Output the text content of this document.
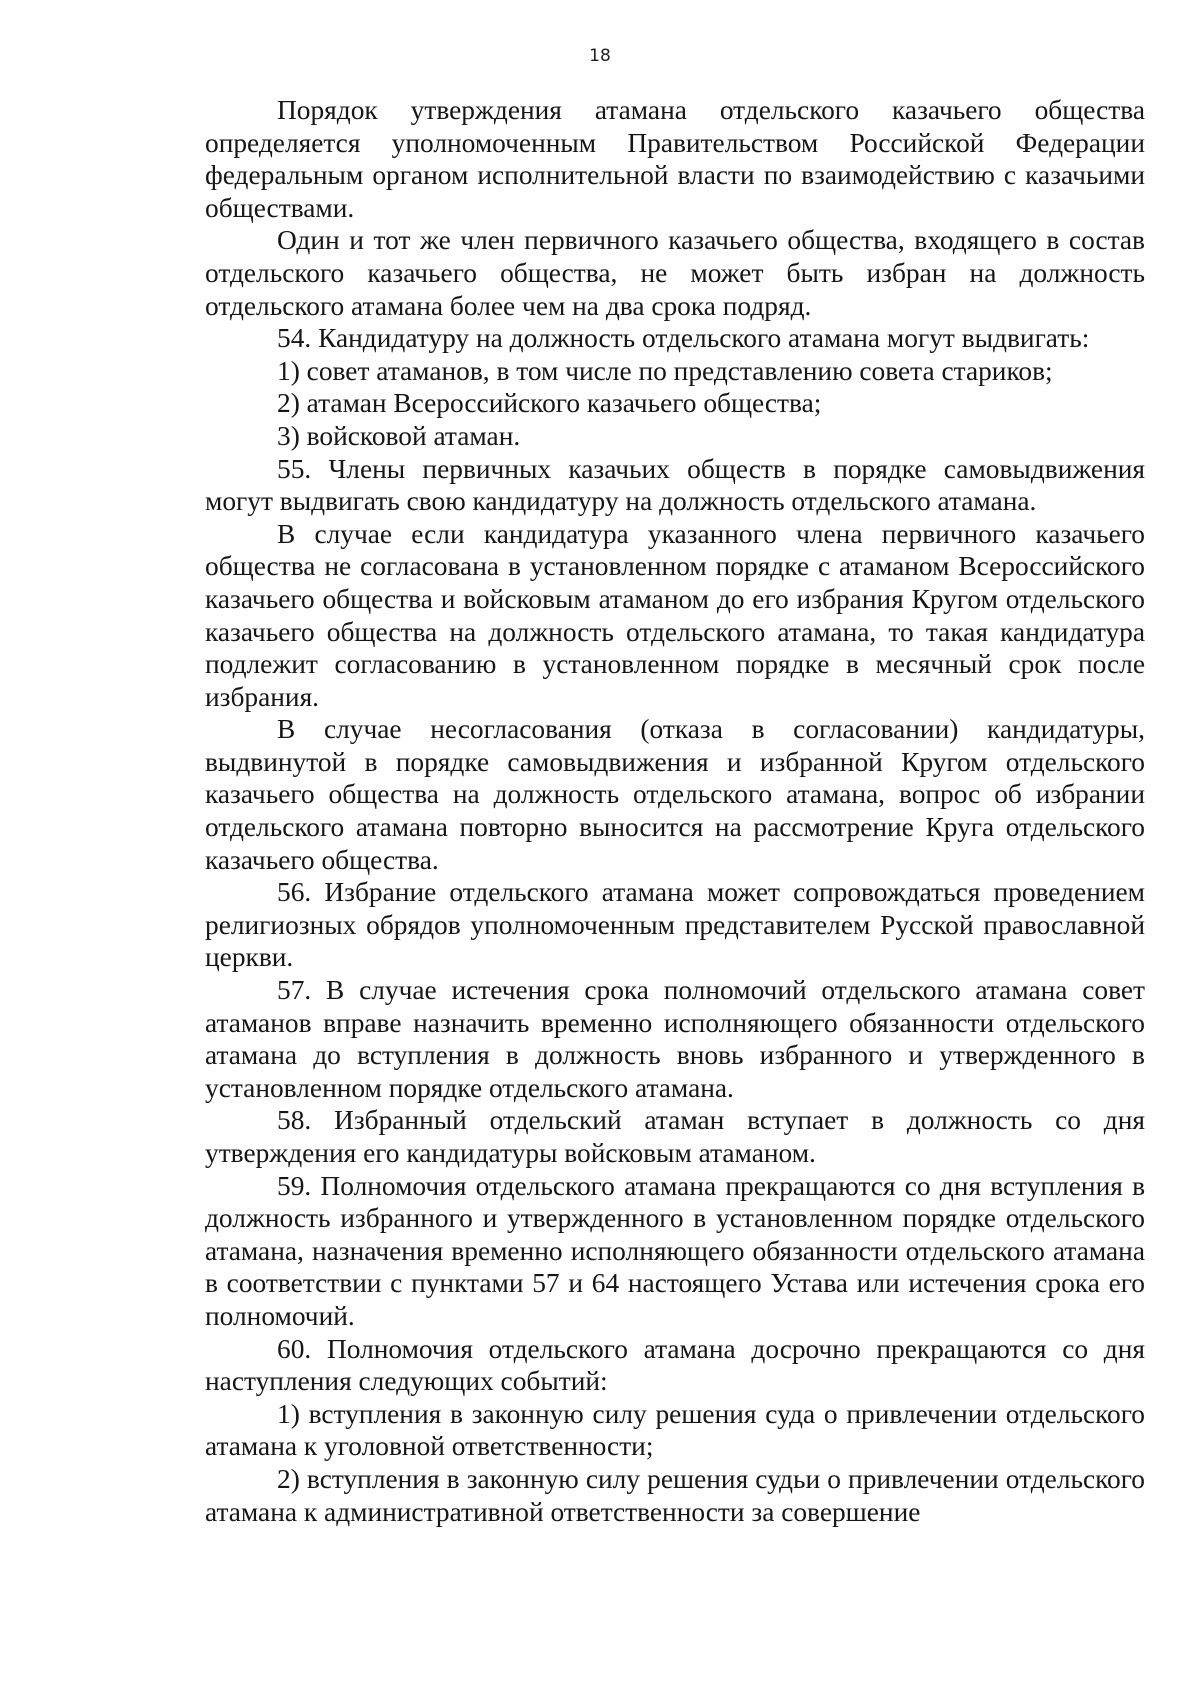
18

Порядок утверждения атамана отдельского казачьего общества определяется уполномоченным Правительством Российской Федерации федеральным органом исполнительной власти по взаимодействию с казачьими обществами.

Один и тот же член первичного казачьего общества, входящего в состав отдельского казачьего общества, не может быть избран на должность отдельского атамана более чем на два срока подряд.

54. Кандидатуру на должность отдельского атамана могут выдвигать:

1) совет атаманов, в том числе по представлению совета стариков;

2) атаман Всероссийского казачьего общества;

3) войсковой атаман.

55. Члены первичных казачьих обществ в порядке самовыдвижения могут выдвигать свою кандидатуру на должность отдельского атамана.

В случае если кандидатура указанного члена первичного казачьего общества не согласована в установленном порядке с атаманом Всероссийского казачьего общества и войсковым атаманом до его избрания Кругом отдельского казачьего общества на должность отдельского атамана, то такая кандидатура подлежит согласованию в установленном порядке в месячный срок после избрания.

В случае несогласования (отказа в согласовании) кандидатуры, выдвинутой в порядке самовыдвижения и избранной Кругом отдельского казачьего общества на должность отдельского атамана, вопрос об избрании отдельского атамана повторно выносится на рассмотрение Круга отдельского казачьего общества.

56. Избрание отдельского атамана может сопровождаться проведением религиозных обрядов уполномоченным представителем Русской православной церкви.

57. В случае истечения срока полномочий отдельского атамана совет атаманов вправе назначить временно исполняющего обязанности отдельского атамана до вступления в должность вновь избранного и утвержденного в установленном порядке отдельского атамана.

58. Избранный отдельский атаман вступает в должность со дня утверждения его кандидатуры войсковым атаманом.

59. Полномочия отдельского атамана прекращаются со дня вступления в должность избранного и утвержденного в установленном порядке отдельского атамана, назначения временно исполняющего обязанности отдельского атамана в соответствии с пунктами 57 и 64 настоящего Устава или истечения срока его полномочий.

60. Полномочия отдельского атамана досрочно прекращаются со дня наступления следующих событий:

1) вступления в законную силу решения суда о привлечении отдельского атамана к уголовной ответственности;

2) вступления в законную силу решения судьи о привлечении отдельского атамана к административной ответственности за совершение
